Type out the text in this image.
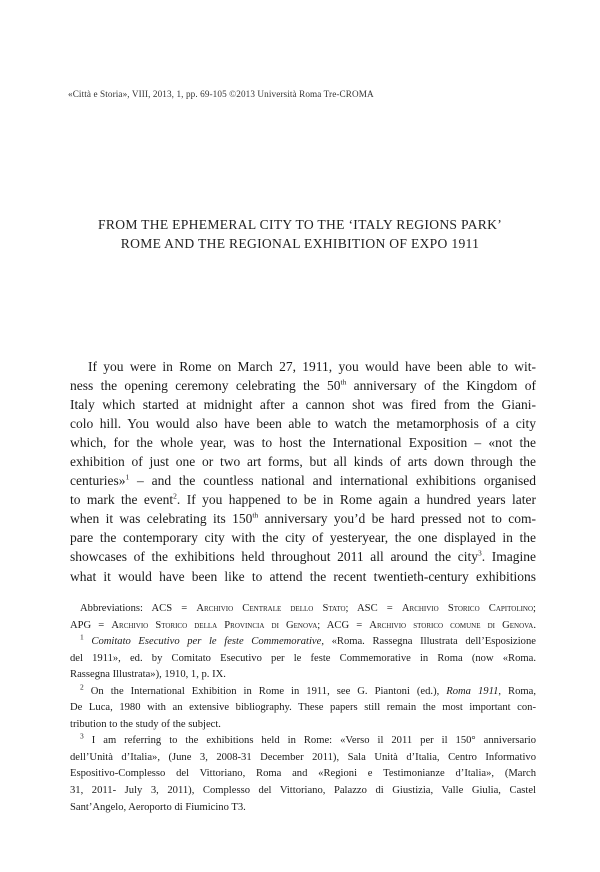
«Città e Storia», VIII, 2013, 1, pp. 69-105 ©2013 Università Roma Tre-CROMA
FROM THE EPHEMERAL CITY TO THE ‘ITALY REGIONS PARK’
ROME AND THE REGIONAL EXHIBITION OF EXPO 1911
If you were in Rome on March 27, 1911, you would have been able to wit-
ness the opening ceremony celebrating the 50th anniversary of the Kingdom of
Italy which started at midnight after a cannon shot was fired from the Giani-
colo hill. You would also have been able to watch the metamorphosis of a city
which, for the whole year, was to host the International Exposition – «not the
exhibition of just one or two art forms, but all kinds of arts down through the
centuries»$^1$ – and the countless national and international exhibitions organised
to mark the event$^2$. If you happened to be in Rome again a hundred years later
when it was celebrating its 150th anniversary you’d be hard pressed not to com-
pare the contemporary city with the city of yesteryear, the one displayed in the
showcases of the exhibitions held throughout 2011 all around the city$^3$. Imagine
what it would have been like to attend the recent twentieth-century exhibitions
Abbreviations: ACS = Archivio Centrale dello Stato; ASC = Archivio Storico Capitolino;
APG = Archivio Storico della Provincia di Genova; ACG = Archivio storico comune di Genova.
$^1$ Comitato Esecutivo per le feste Commemorative, «Roma. Rassegna Illustrata dell’Esposizione
del 1911», ed. by Comitato Esecutivo per le feste Commemorative in Roma (now «Roma.
Rassegna Illustrata»), 1910, 1, p. IX.
$^2$ On the International Exhibition in Rome in 1911, see G. Piantoni (ed.), Roma 1911, Roma,
De Luca, 1980 with an extensive bibliography. These papers still remain the most important con-
tribution to the study of the subject.
$^3$ I am referring to the exhibitions held in Rome: «Verso il 2011 per il 150° anniversario
dell’Unità d’Italia», (June 3, 2008-31 December 2011), Sala Unità d’Italia, Centro Informativo
Espositivo-Complesso del Vittoriano, Roma and «Regioni e Testimonianze d’Italia», (March
31, 2011- July 3, 2011), Complesso del Vittoriano, Palazzo di Giustizia, Valle Giulia, Castel
Sant’Angelo, Aeroporto di Fiumicino T3.
